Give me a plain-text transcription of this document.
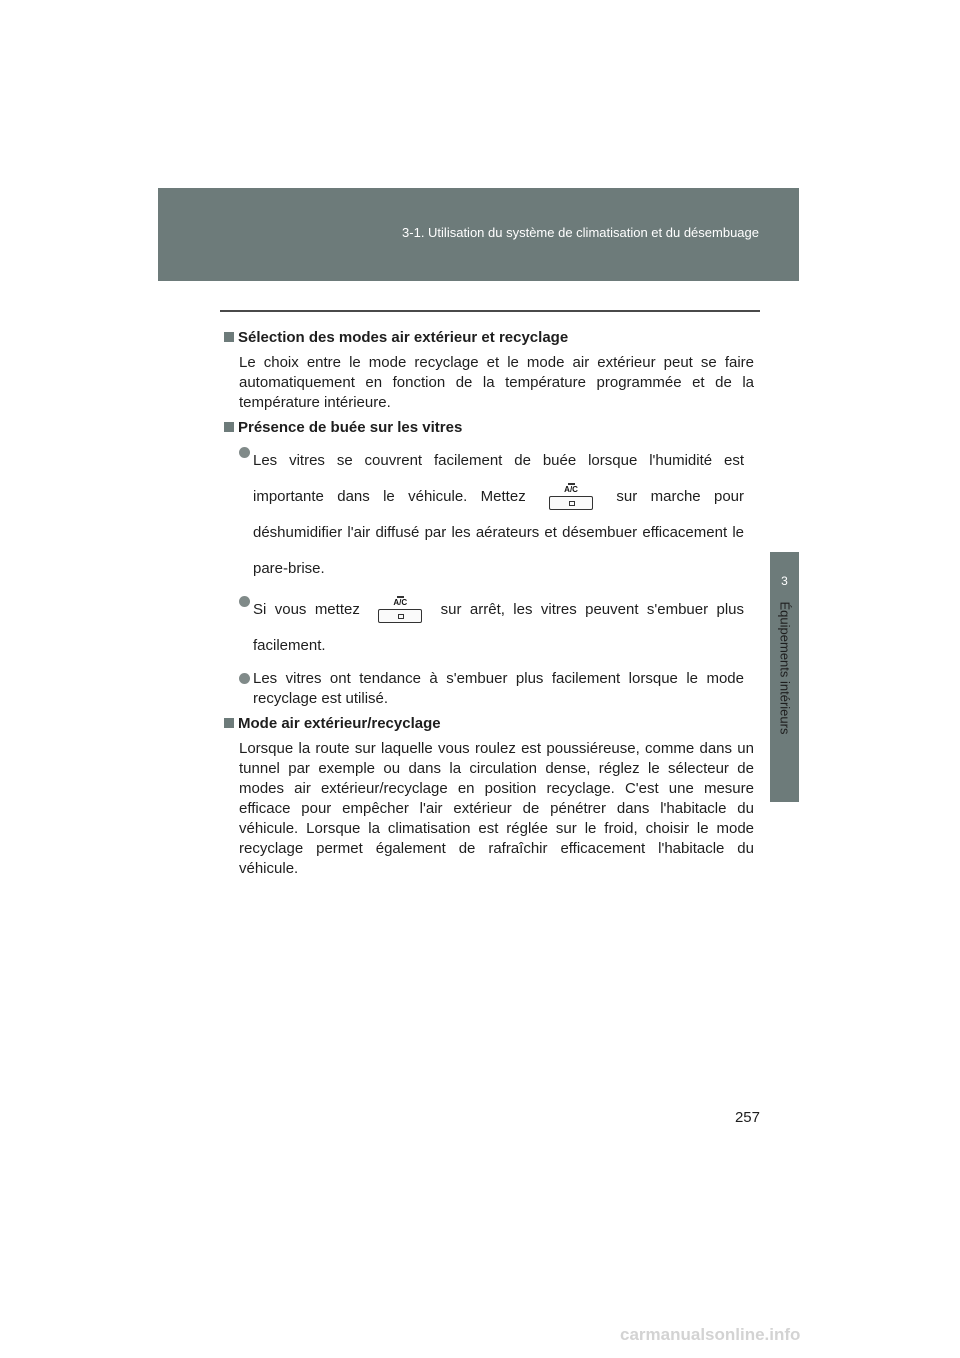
3-1. Utilisation du système de climatisation et du désembuage
3
Équipements intérieurs
Sélection des modes air extérieur et recyclage

Le choix entre le mode recyclage et le mode air extérieur peut se faire automatiquement en fonction de la température programmée et de la température intérieure.

Présence de buée sur les vitres
Les vitres se couvrent facilement de buée lorsque l'humidité est importante dans le véhicule. Mettez	A/C	sur marche pour déshumidifier l'air diffusé par les aérateurs et désembuer efficacement le pare-brise.
Si vous mettez	A/C	sur arrêt, les vitres peuvent s'embuer plus facilement.
Les vitres ont tendance à s'embuer plus facilement lorsque le mode recyclage est utilisé.
Mode air extérieur/recyclage

Lorsque la route sur laquelle vous roulez est poussiéreuse, comme dans un tunnel par exemple ou dans la circulation dense, réglez le sélecteur de modes air extérieur/recyclage en position recyclage. C'est une mesure efficace pour empêcher l'air extérieur de pénétrer dans l'habitacle du véhicule. Lorsque la climatisation est réglée sur le froid, choisir le mode recyclage permet également de rafraîchir efficacement l'habitacle du véhicule.

257
carmanualsonline.info
